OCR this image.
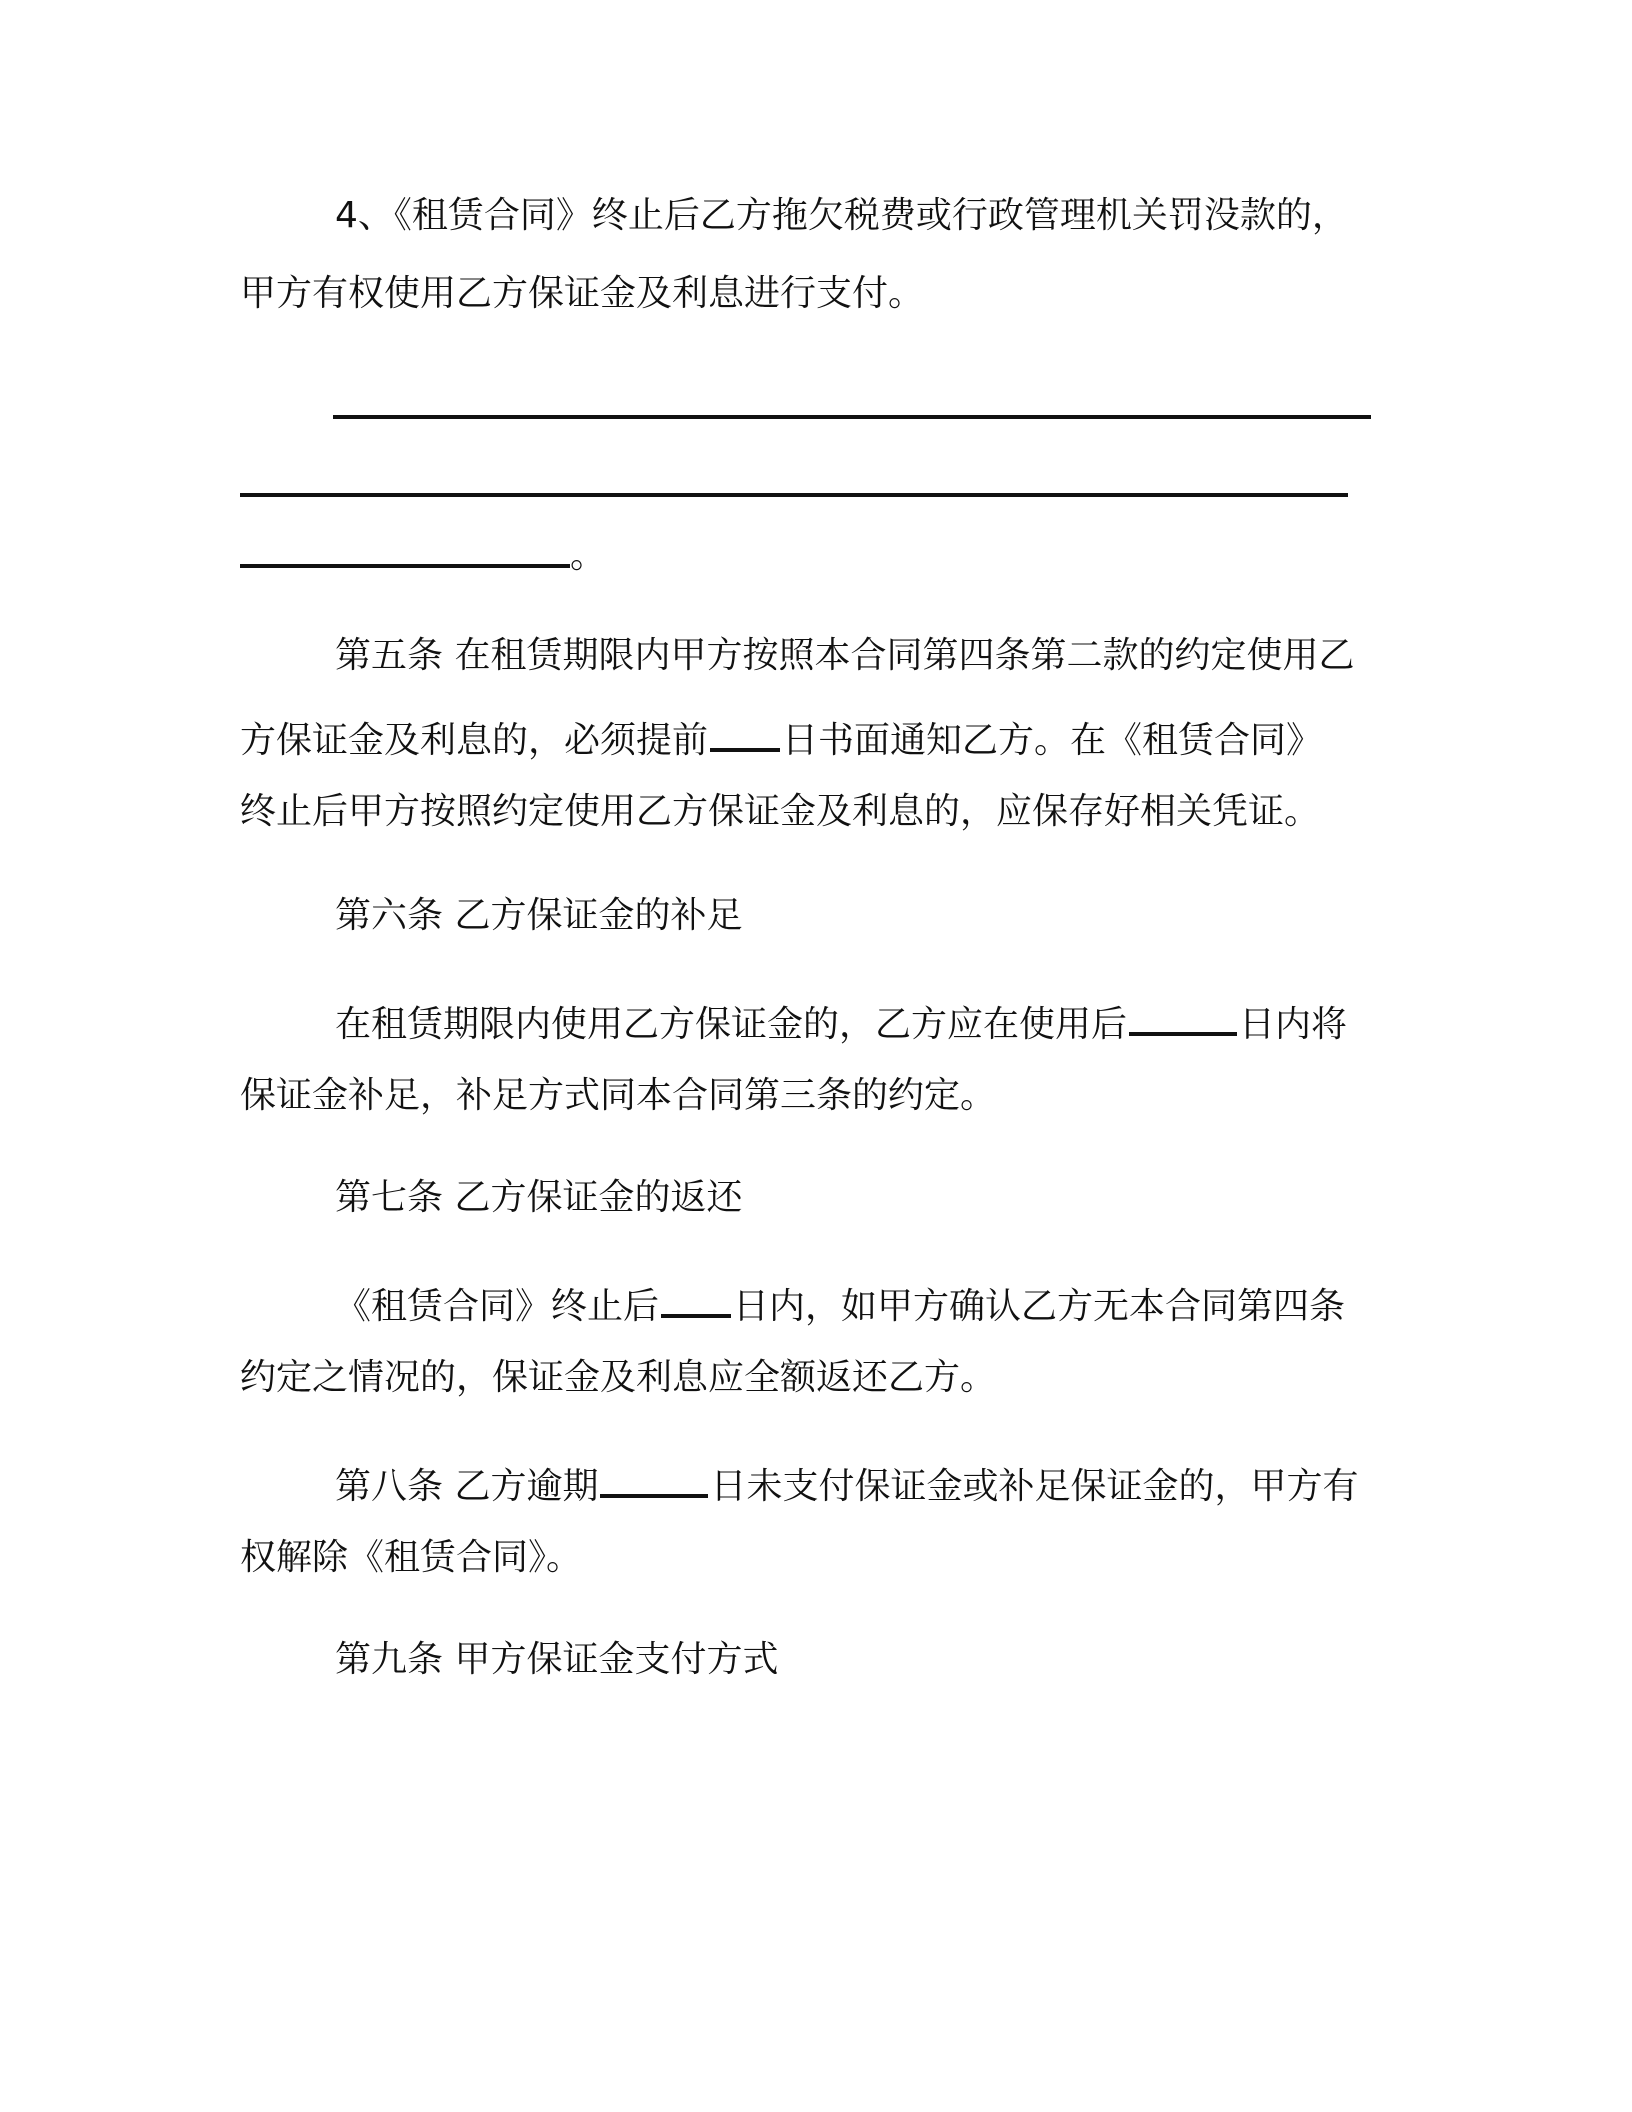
4、《租赁合同》终止后乙方拖欠税费或行政管理机关罚没款的，
甲方有权使用乙方保证金及利息进行支付。
。
第五条 在租赁期限内甲方按照本合同第四条第二款的约定使用乙
方保证金及利息的，必须提前 日书面通知乙方。在《租赁合同》
终止后甲方按照约定使用乙方保证金及利息的，应保存好相关凭证。
第六条 乙方保证金的补足
在租赁期限内使用乙方保证金的，乙方应在使用后	日内将
保证金补足，补足方式同本合同第三条的约定。
第七条 乙方保证金的返还
《租赁合同》终止后 日内，如甲方确认乙方无本合同第四条
约定之情况的，保证金及利息应全额返还乙方。
第八条 乙方逾期	日未支付保证金或补足保证金的，甲方有
权解除《租赁合同》。
第九条 甲方保证金支付方式
